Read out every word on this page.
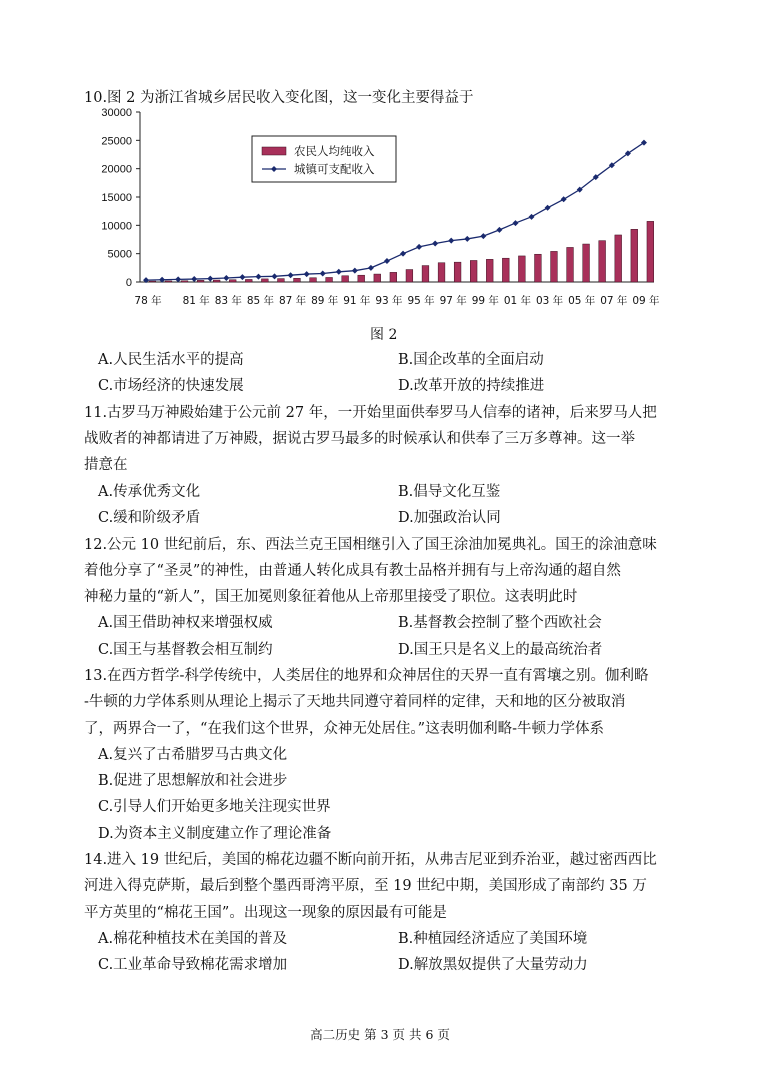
10.图 2 为浙江省城乡居民收入变化图，这一变化主要得益于
0
5000
10000
15000
20000
25000
30000
78 年 81 年 83 年 85 年 87 年 89 年 91 年 93 年 95 年 97 年 99 年 01 年 03 年 05 年 07 年 09 年
农民人均纯收入
城镇可支配收入
图 2
A.人民生活水平的提高	B.国企改革的全面启动
C.市场经济的快速发展	D.改革开放的持续推进
11.古罗马万神殿始建于公元前 27 年，一开始里面供奉罗马人信奉的诸神，后来罗马人把
战败者的神都请进了万神殿，据说古罗马最多的时候承认和供奉了三万多尊神。这一举
措意在
A.传承优秀文化	B.倡导文化互鉴
C.缓和阶级矛盾	D.加强政治认同
12.公元 10 世纪前后，东、西法兰克王国相继引入了国王涂油加冕典礼。国王的涂油意味
着他分享了“圣灵”的神性，由普通人转化成具有教士品格并拥有与上帝沟通的超自然
神秘力量的“新人”，国王加冕则象征着他从上帝那里接受了职位。这表明此时
A.国王借助神权来增强权威	B.基督教会控制了整个西欧社会
C.国王与基督教会相互制约	D.国王只是名义上的最高统治者
13.在西方哲学-科学传统中，人类居住的地界和众神居住的天界一直有霄壤之别。伽利略
-牛顿的力学体系则从理论上揭示了天地共同遵守着同样的定律，天和地的区分被取消
了，两界合一了，“在我们这个世界，众神无处居住。”这表明伽利略-牛顿力学体系
A.复兴了古希腊罗马古典文化
B.促进了思想解放和社会进步
C.引导人们开始更多地关注现实世界
D.为资本主义制度建立作了理论准备
14.进入 19 世纪后，美国的棉花边疆不断向前开拓，从弗吉尼亚到乔治亚，越过密西西比
河进入得克萨斯，最后到整个墨西哥湾平原，至 19 世纪中期，美国形成了南部约 35 万
平方英里的“棉花王国”。出现这一现象的原因最有可能是
A.棉花种植技术在美国的普及	B.种植园经济适应了美国环境
C.工业革命导致棉花需求增加	D.解放黑奴提供了大量劳动力
高二历史 第 3 页 共 6 页
